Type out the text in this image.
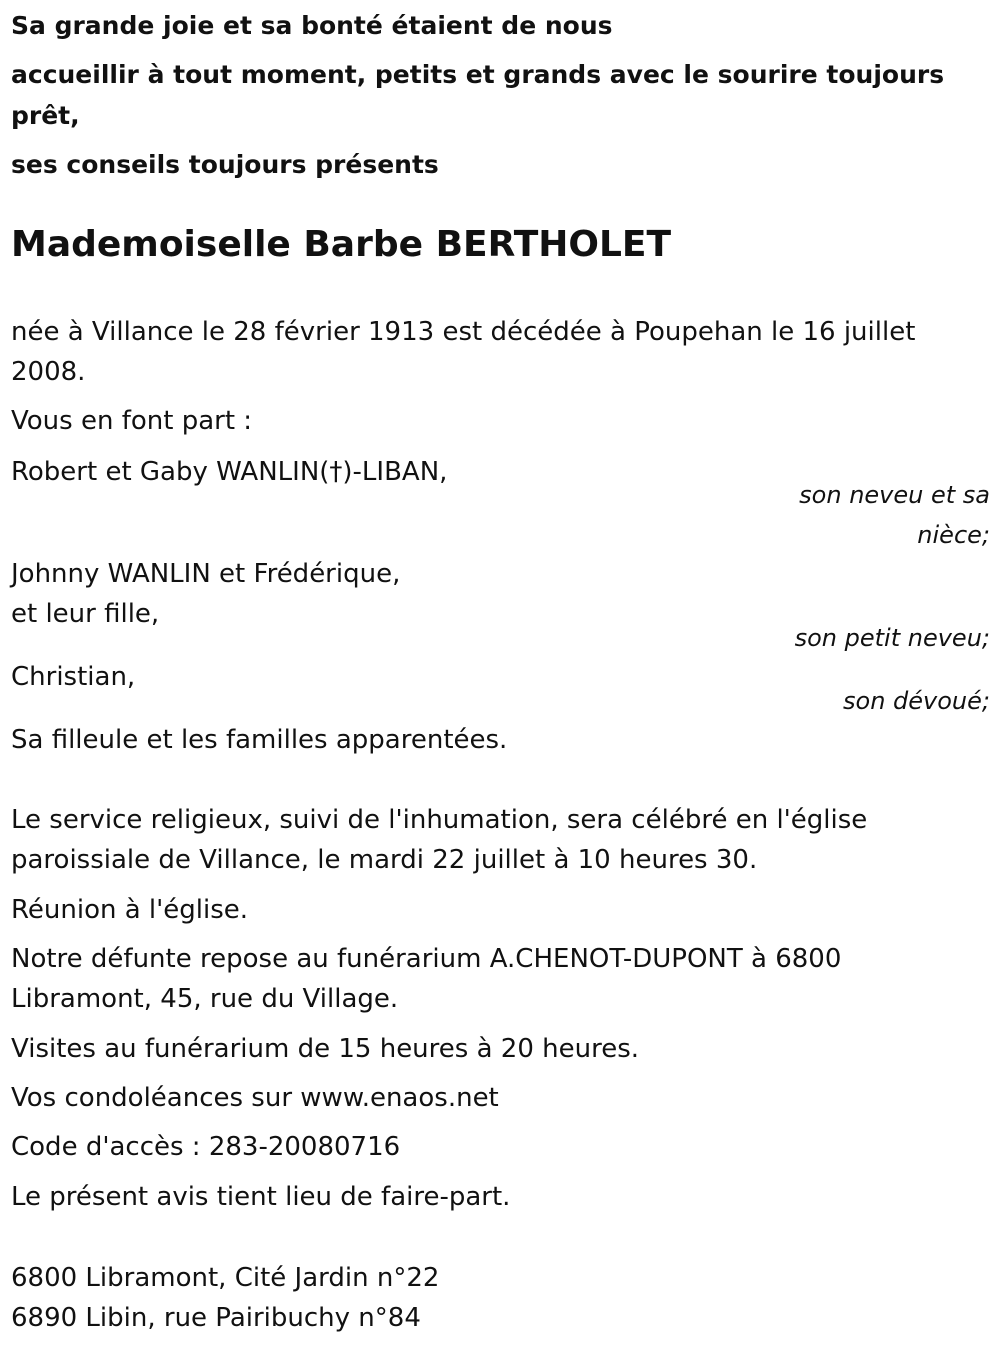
Sa grande joie et sa bonté étaient de nous
accueillir à tout moment, petits et grands avec le sourire toujours
prêt,
ses conseils toujours présents
Mademoiselle Barbe BERTHOLET
née à Villance le 28 février 1913 est décédée à Poupehan le 16 juillet
2008.
Vous en font part :
Robert et Gaby WANLIN(†)-LIBAN,
son neveu et sa
nièce;
Johnny WANLIN et Frédérique,
et leur fille,
son petit neveu;
Christian,
son dévoué;
Sa filleule et les familles apparentées.
Le service religieux, suivi de l'inhumation, sera célébré en l'église
paroissiale de Villance, le mardi 22 juillet à 10 heures 30.
Réunion à l'église.
Notre défunte repose au funérarium A.CHENOT-DUPONT à 6800
Libramont, 45, rue du Village.
Visites au funérarium de 15 heures à 20 heures.
Vos condoléances sur www.enaos.net
Code d'accès : 283-20080716
Le présent avis tient lieu de faire-part.
6800 Libramont, Cité Jardin n°22
6890 Libin, rue Pairibuchy n°84
